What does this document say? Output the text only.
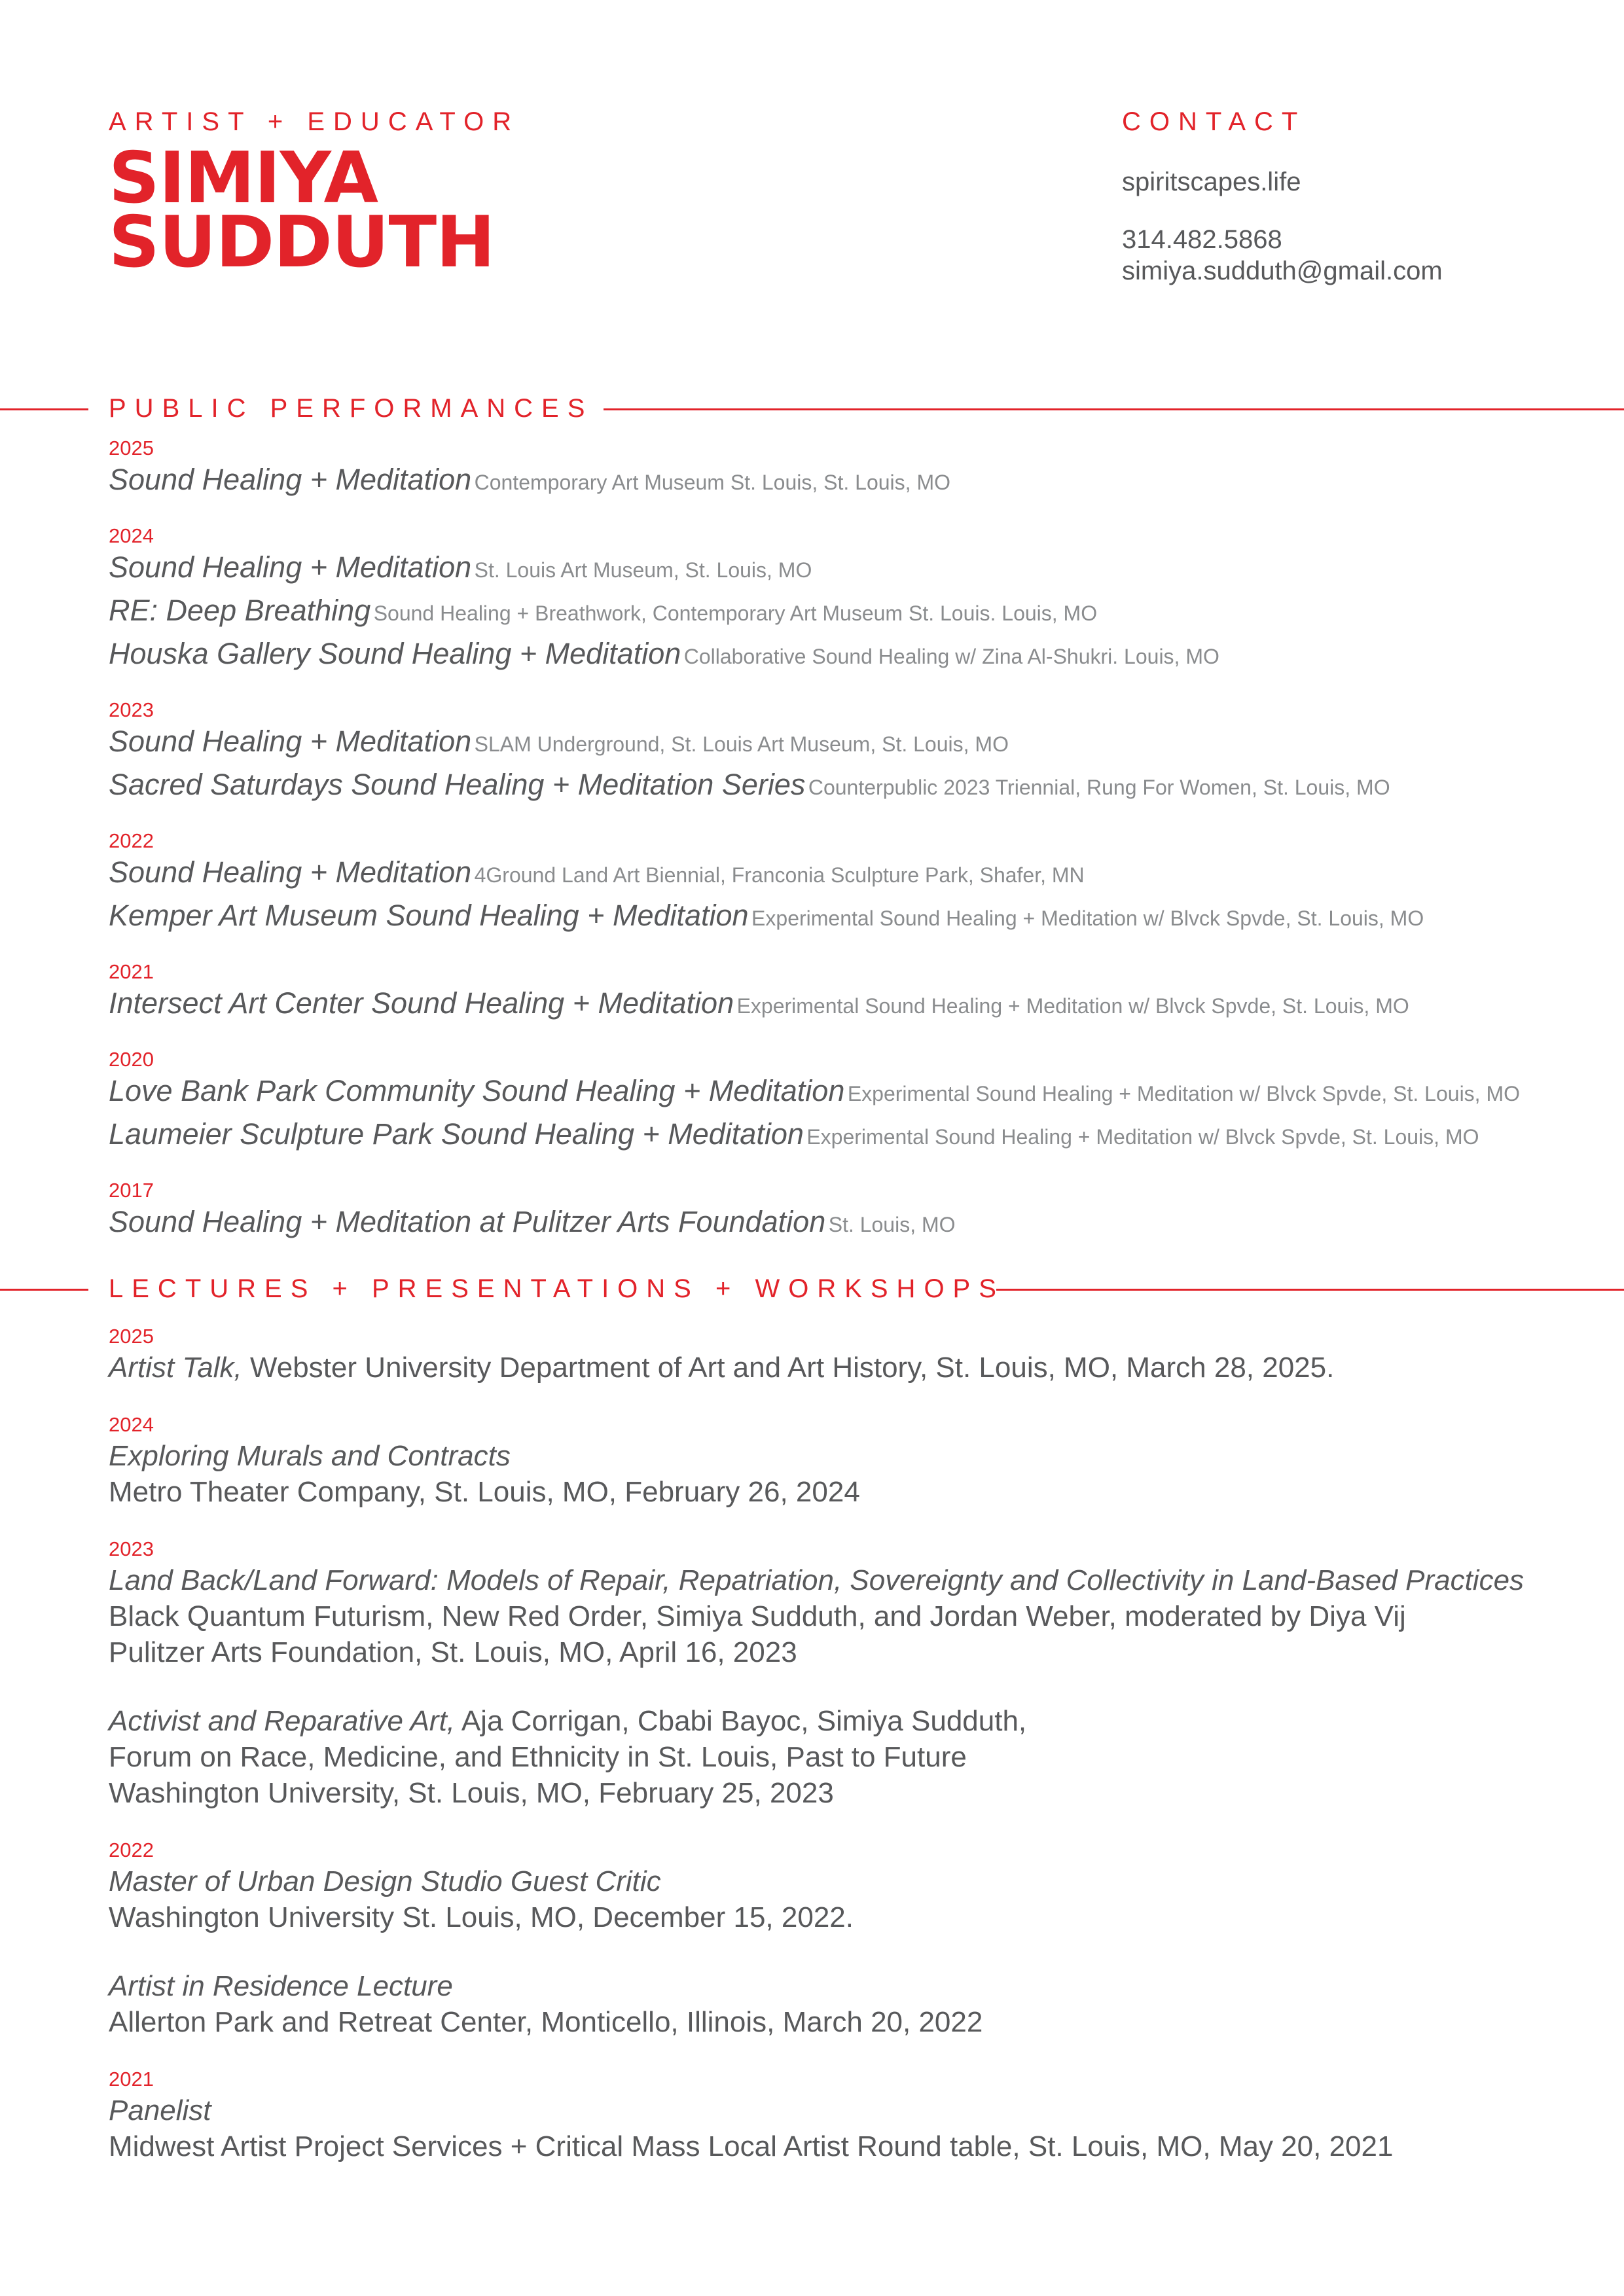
ARTIST + EDUCATOR
SIMIYA
SUDDUTH
CONTACT
spiritscapes.life
314.482.5868
simiya.sudduth@gmail.com
PUBLIC PERFORMANCES
2025
Sound Healing + Meditation Contemporary Art Museum St. Louis, St. Louis, MO
2024
Sound Healing + Meditation St. Louis Art Museum, St. Louis, MO
RE: Deep Breathing Sound Healing + Breathwork, Contemporary Art Museum St. Louis. Louis, MO
Houska Gallery Sound Healing + Meditation Collaborative Sound Healing w/ Zina Al-Shukri. Louis, MO
2023
Sound Healing + Meditation SLAM Underground, St. Louis Art Museum, St. Louis, MO
Sacred Saturdays Sound Healing + Meditation Series Counterpublic 2023 Triennial, Rung For Women, St. Louis, MO
2022
Sound Healing + Meditation 4Ground Land Art Biennial, Franconia Sculpture Park, Shafer, MN
Kemper Art Museum Sound Healing + Meditation Experimental Sound Healing + Meditation w/ Blvck Spvde, St. Louis, MO
2021
Intersect Art Center Sound Healing + Meditation Experimental Sound Healing + Meditation w/ Blvck Spvde, St. Louis, MO
2020
Love Bank Park Community Sound Healing + Meditation Experimental Sound Healing + Meditation w/ Blvck Spvde, St. Louis, MO
Laumeier Sculpture Park Sound Healing + Meditation Experimental Sound Healing + Meditation w/ Blvck Spvde, St. Louis, MO
2017
Sound Healing + Meditation at Pulitzer Arts Foundation St. Louis, MO
LECTURES + PRESENTATIONS + WORKSHOPS
2025
Artist Talk, Webster University Department of Art and Art History, St. Louis, MO, March 28, 2025.
2024
Exploring Murals and Contracts
Metro Theater Company, St. Louis, MO, February 26, 2024
2023
Land Back/Land Forward: Models of Repair, Repatriation, Sovereignty and Collectivity in Land-Based Practices
Black Quantum Futurism, New Red Order, Simiya Sudduth, and Jordan Weber, moderated by Diya Vij
Pulitzer Arts Foundation, St. Louis, MO, April 16, 2023
Activist and Reparative Art, Aja Corrigan, Cbabi Bayoc, Simiya Sudduth,
Forum on Race, Medicine, and Ethnicity in St. Louis, Past to Future
Washington University, St. Louis, MO, February 25, 2023
2022
Master of Urban Design Studio Guest Critic
Washington University St. Louis, MO, December 15, 2022.
Artist in Residence Lecture
Allerton Park and Retreat Center, Monticello, Illinois, March 20, 2022
2021
Panelist
Midwest Artist Project Services + Critical Mass Local Artist Round table, St. Louis, MO, May 20, 2021
